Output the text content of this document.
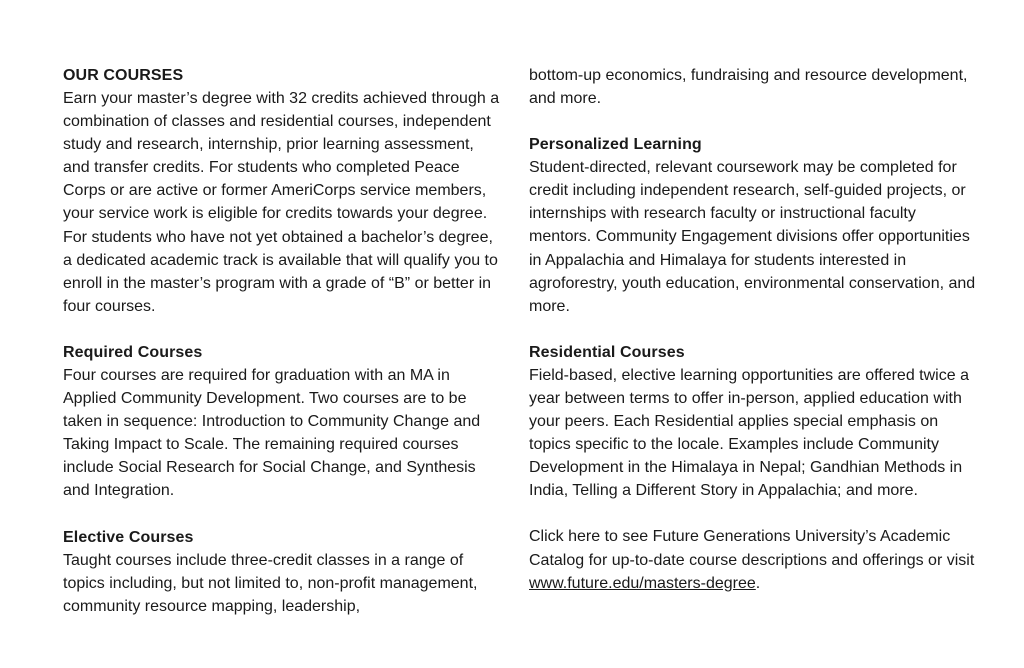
OUR COURSES

Earn your master’s degree with 32 credits achieved through a combination of classes and residential courses, independent study and research, internship, prior learning assessment, and transfer credits. For students who completed Peace Corps or are active or former AmeriCorps service members, your service work is eligible for credits towards your degree. For students who have not yet obtained a bachelor’s degree, a dedicated academic track is available that will qualify you to enroll in the master’s program with a grade of “B” or better in four courses.

Required Courses

Four courses are required for graduation with an MA in Applied Community Development. Two courses are to be taken in sequence: Introduction to Community Change and Taking Impact to Scale. The remaining required courses include Social Research for Social Change, and Synthesis and Integration.

Elective Courses

Taught courses include three-credit classes in a range of topics including, but not limited to, non-profit management, community resource mapping, leadership,

bottom-up economics, fundraising and resource development, and more.

Personalized Learning

Student-directed, relevant coursework may be completed for credit including independent research, self-guided projects, or internships with research faculty or instructional faculty mentors. Community Engagement divisions offer opportunities in Appalachia and Himalaya for students interested in agroforestry, youth education, environmental conservation, and more.

Residential Courses

Field-based, elective learning opportunities are offered twice a year between terms to offer in-person, applied education with your peers. Each Residential applies special emphasis on topics specific to the locale. Examples include Community Development in the Himalaya in Nepal; Gandhian Methods in India, Telling a Different Story in Appalachia; and more.

Click here to see Future Generations University’s Academic Catalog for up-to-date course descriptions and offerings or visit www.future.edu/masters-degree.
